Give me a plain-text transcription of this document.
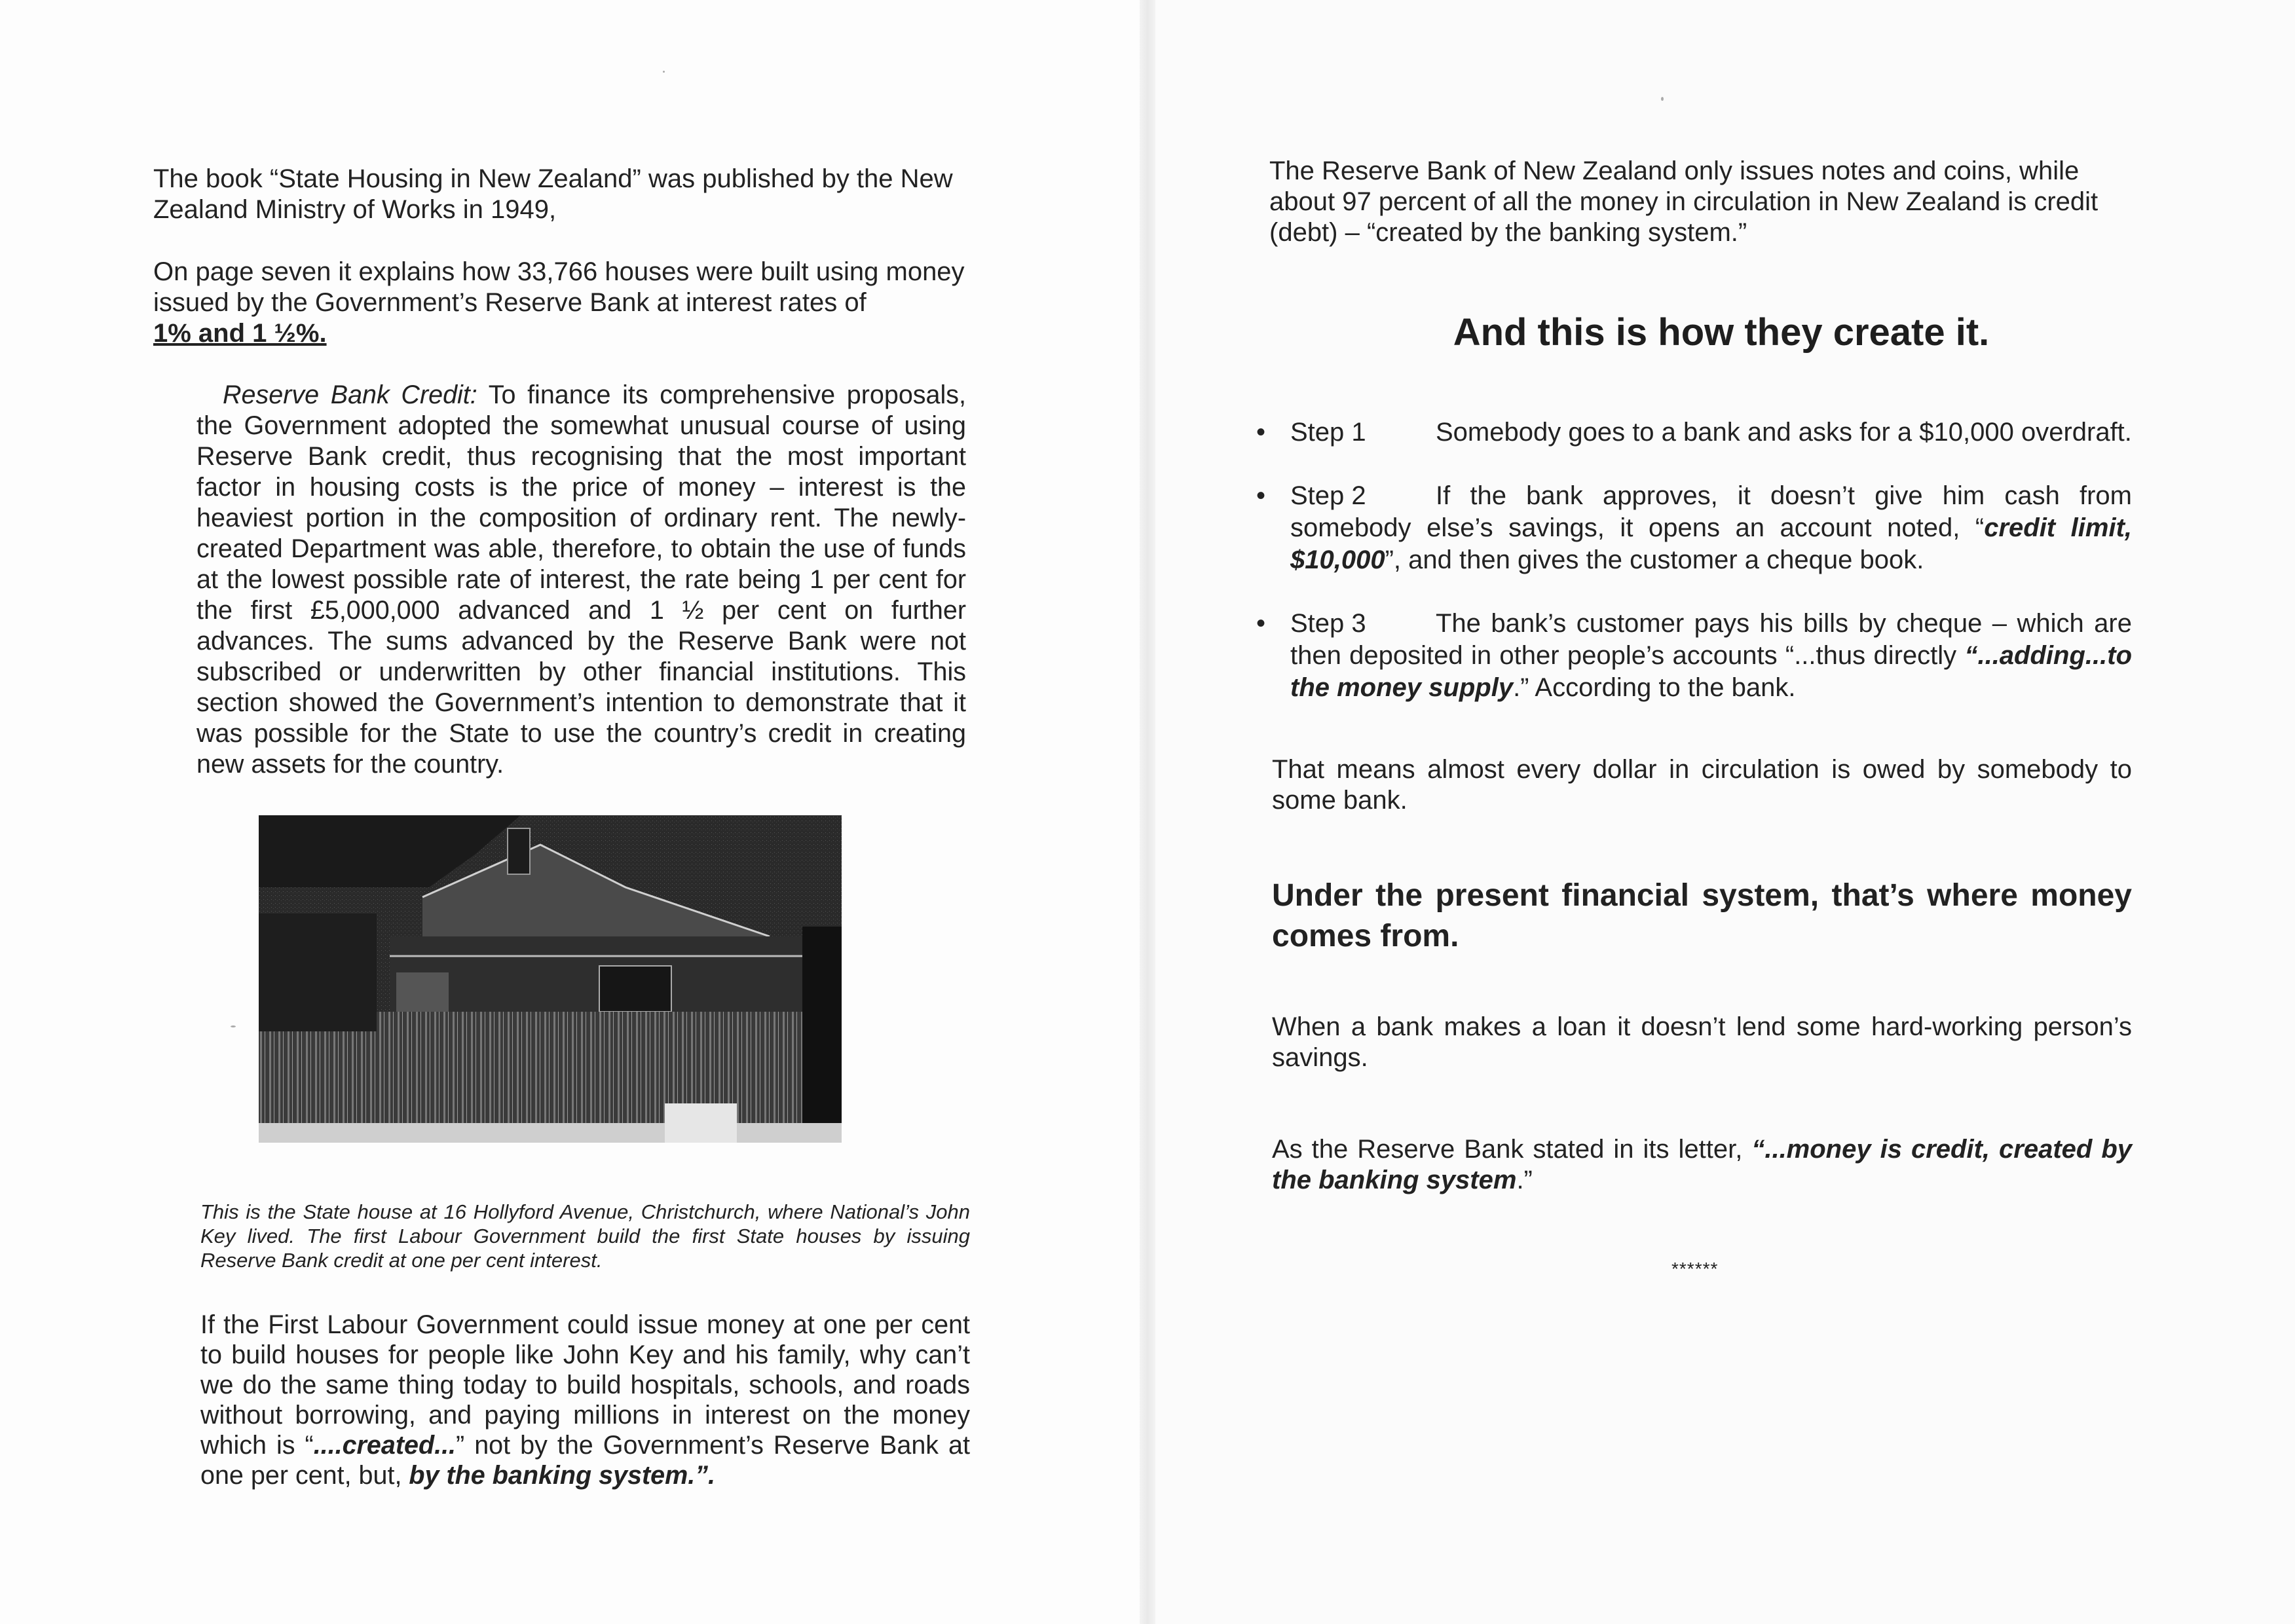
The book “State Housing in New Zealand” was published by the New Zealand Ministry of Works in 1949,

On page seven it explains how 33,766 houses were built using money issued by the Government’s Reserve Bank at interest rates of
1% and 1 ½%.

Reserve Bank Credit: To finance its comprehensive proposals, the Government adopted the somewhat unusual course of using Reserve Bank credit, thus recognising that the most important factor in housing costs is the price of money – interest is the heaviest portion in the composition of ordinary rent. The newly-created Department was able, therefore, to obtain the use of funds at the lowest possible rate of interest, the rate being 1 per cent for the first £5,000,000 advanced and 1 ½ per cent on further advances. The sums advanced by the Reserve Bank were not subscribed or underwritten by other financial institutions. This section showed the Government’s intention to demonstrate that it was possible for the State to use the country’s credit in creating new assets for the country.

This is the State house at 16 Hollyford Avenue, Christchurch, where National’s John Key lived. The first Labour Government build the first State houses by issuing Reserve Bank credit at one per cent interest.

If the First Labour Government could issue money at one per cent to build houses for people like John Key and his family, why can’t we do the same thing today to build hospitals, schools, and roads without borrowing, and paying millions in interest on the money which is “....created...” not by the Government’s Reserve Bank at one per cent, but, by the banking system.”.

The Reserve Bank of New Zealand only issues notes and coins, while about 97 percent of all the money in circulation in New Zealand is credit (debt) – “created by the banking system.”

And this is how they create it.

• Step 1	Somebody goes to a bank and asks for a $10,000 overdraft.

• Step 2	If the bank approves, it doesn’t give him cash from somebody else’s savings, it opens an account noted, “credit limit, $10,000”, and then gives the customer a cheque book.

• Step 3	The bank’s customer pays his bills by cheque – which are then deposited in other people’s accounts “...thus directly “...adding...to the money supply.” According to the bank.

That means almost every dollar in circulation is owed by somebody to some bank.

Under the present financial system, that’s where money comes from.

When a bank makes a loan it doesn’t lend some hard-working person’s savings.

As the Reserve Bank stated in its letter, “...money is credit, created by the banking system.”

******
